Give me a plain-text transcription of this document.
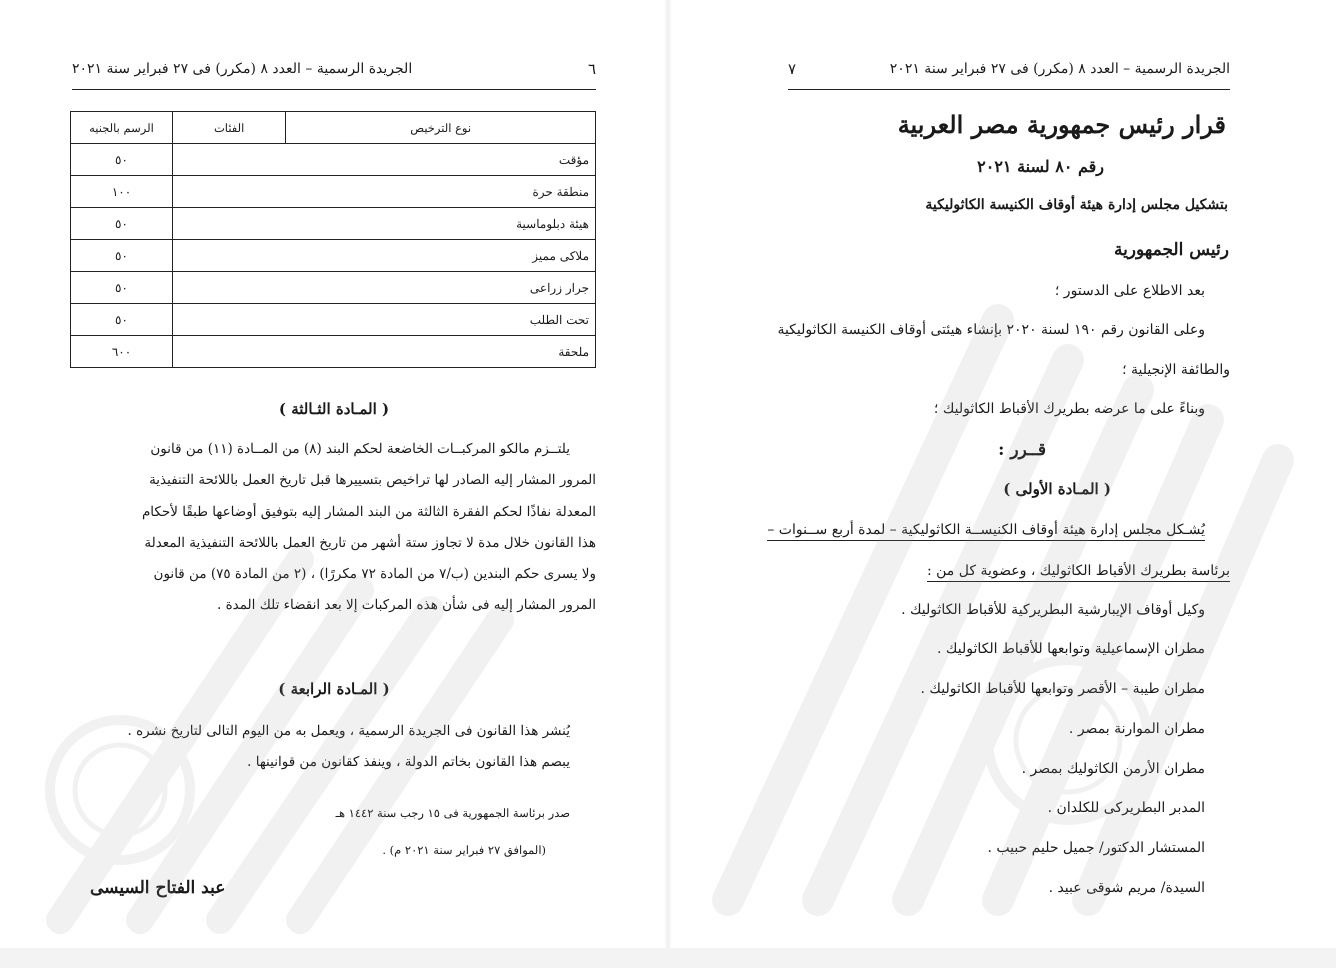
٦
الجريدة الرسمية – العدد ٨ (مكرر) فى ٢٧ فبراير سنة ٢٠٢١
نوع الترخيص	الفئات	الرسم بالجنيه
مؤقت		٥٠
منطقة حرة		١٠٠
هيئة دبلوماسية		٥٠
ملاكى مميز		٥٠
جرار زراعى		٥٠
تحت الطلب		٥٠
ملحقة		٦٠٠
( المـادة الثـالثة )
يلتــزم مالكو المركبــات الخاضعة لحكم البند (٨) من المــادة (١١) من قانون
المرور المشار إليه الصادر لها تراخيص بتسييرها قبل تاريخ العمل باللائحة التنفيذية
المعدلة نفاذًا لحكم الفقرة الثالثة من البند المشار إليه بتوفيق أوضاعها طبقًا لأحكام
هذا القانون خلال مدة لا تجاوز ستة أشهر من تاريخ العمل باللائحة التنفيذية المعدلة
ولا يسرى حكم البندين (ب/٧ من المادة ٧٢ مكررًا) ، (٢ من المادة ٧٥) من قانون
المرور المشار إليه فى شأن هذه المركبات إلا بعد انقضاء تلك المدة .
( المـادة الرابعة )
يُنشر هذا القانون فى الجريدة الرسمية ، ويعمل به من اليوم التالى لتاريخ نشره .
يبصم هذا القانون بخاتم الدولة ، وينفذ كقانون من قوانينها .
صدر برئاسة الجمهورية فى ١٥ رجب سنة ١٤٤٢ هـ
(الموافق ٢٧ فبراير سنة ٢٠٢١ م) .
عبد الفتاح السيسى
الجريدة الرسمية – العدد ٨ (مكرر) فى ٢٧ فبراير سنة ٢٠٢١
٧
قرار رئيس جمهورية مصر العربية
رقم ٨٠ لسنة ٢٠٢١
بتشكيل مجلس إدارة هيئة أوقاف الكنيسة الكاثوليكية
رئيس الجمهورية
بعد الاطلاع على الدستور ؛
وعلى القانون رقم ١٩٠ لسنة ٢٠٢٠ بإنشاء هيئتى أوقاف الكنيسة الكاثوليكية
والطائفة الإنجيلية ؛
وبناءً على ما عرضه بطريرك الأقباط الكاثوليك ؛
قــرر :
( المـادة الأولى )
يُشـكل مجلس إدارة هيئة أوقاف الكنيســة الكاثوليكية – لمدة أربع ســنوات –
برئاسة بطريرك الأقباط الكاثوليك ، وعضوية كل من :
وكيل أوقاف الإيبارشية البطريركية للأقباط الكاثوليك .
مطران الإسماعيلية وتوابعها للأقباط الكاثوليك .
مطران طيبة – الأقصر وتوابعها للأقباط الكاثوليك .
مطران الموارنة بمصر .
مطران الأرمن الكاثوليك بمصر .
المدبر البطريركى للكلدان .
المستشار الدكتور/ جميل حليم حبيب .
السيدة/ مريم شوقى عبيد .
